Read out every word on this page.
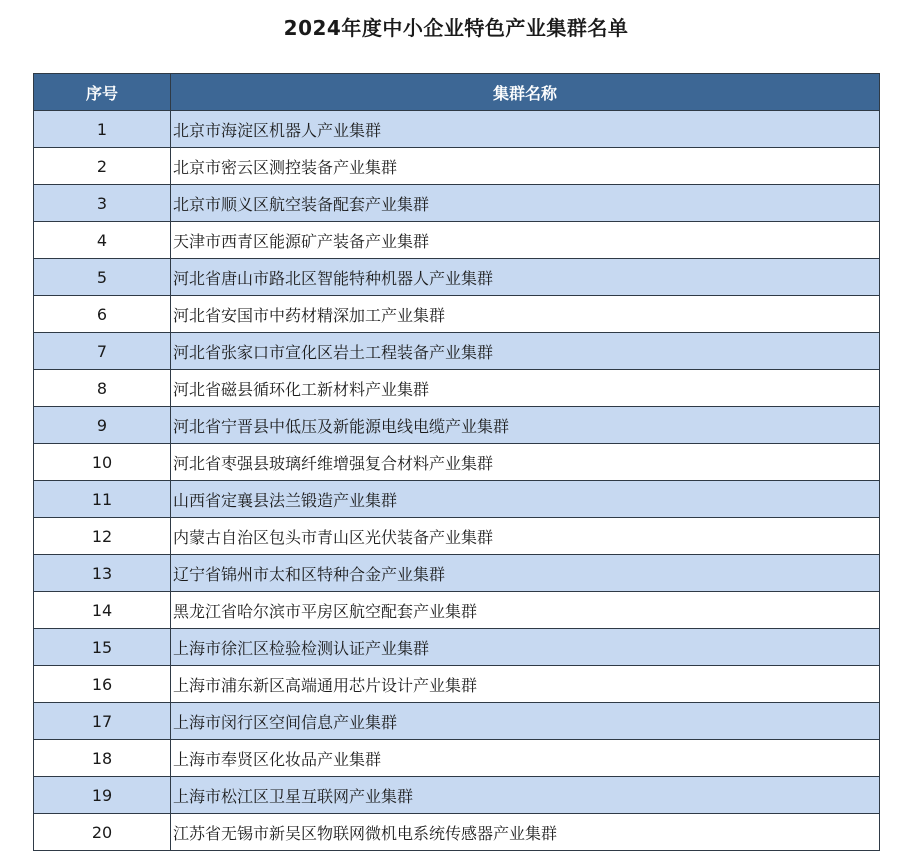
2024年度中小企业特色产业集群名单
序号	集群名称
1	北京市海淀区机器人产业集群
2	北京市密云区测控装备产业集群
3	北京市顺义区航空装备配套产业集群
4	天津市西青区能源矿产装备产业集群
5	河北省唐山市路北区智能特种机器人产业集群
6	河北省安国市中药材精深加工产业集群
7	河北省张家口市宣化区岩土工程装备产业集群
8	河北省磁县循环化工新材料产业集群
9	河北省宁晋县中低压及新能源电线电缆产业集群
10	河北省枣强县玻璃纤维增强复合材料产业集群
11	山西省定襄县法兰锻造产业集群
12	内蒙古自治区包头市青山区光伏装备产业集群
13	辽宁省锦州市太和区特种合金产业集群
14	黑龙江省哈尔滨市平房区航空配套产业集群
15	上海市徐汇区检验检测认证产业集群
16	上海市浦东新区高端通用芯片设计产业集群
17	上海市闵行区空间信息产业集群
18	上海市奉贤区化妆品产业集群
19	上海市松江区卫星互联网产业集群
20	江苏省无锡市新吴区物联网微机电系统传感器产业集群
